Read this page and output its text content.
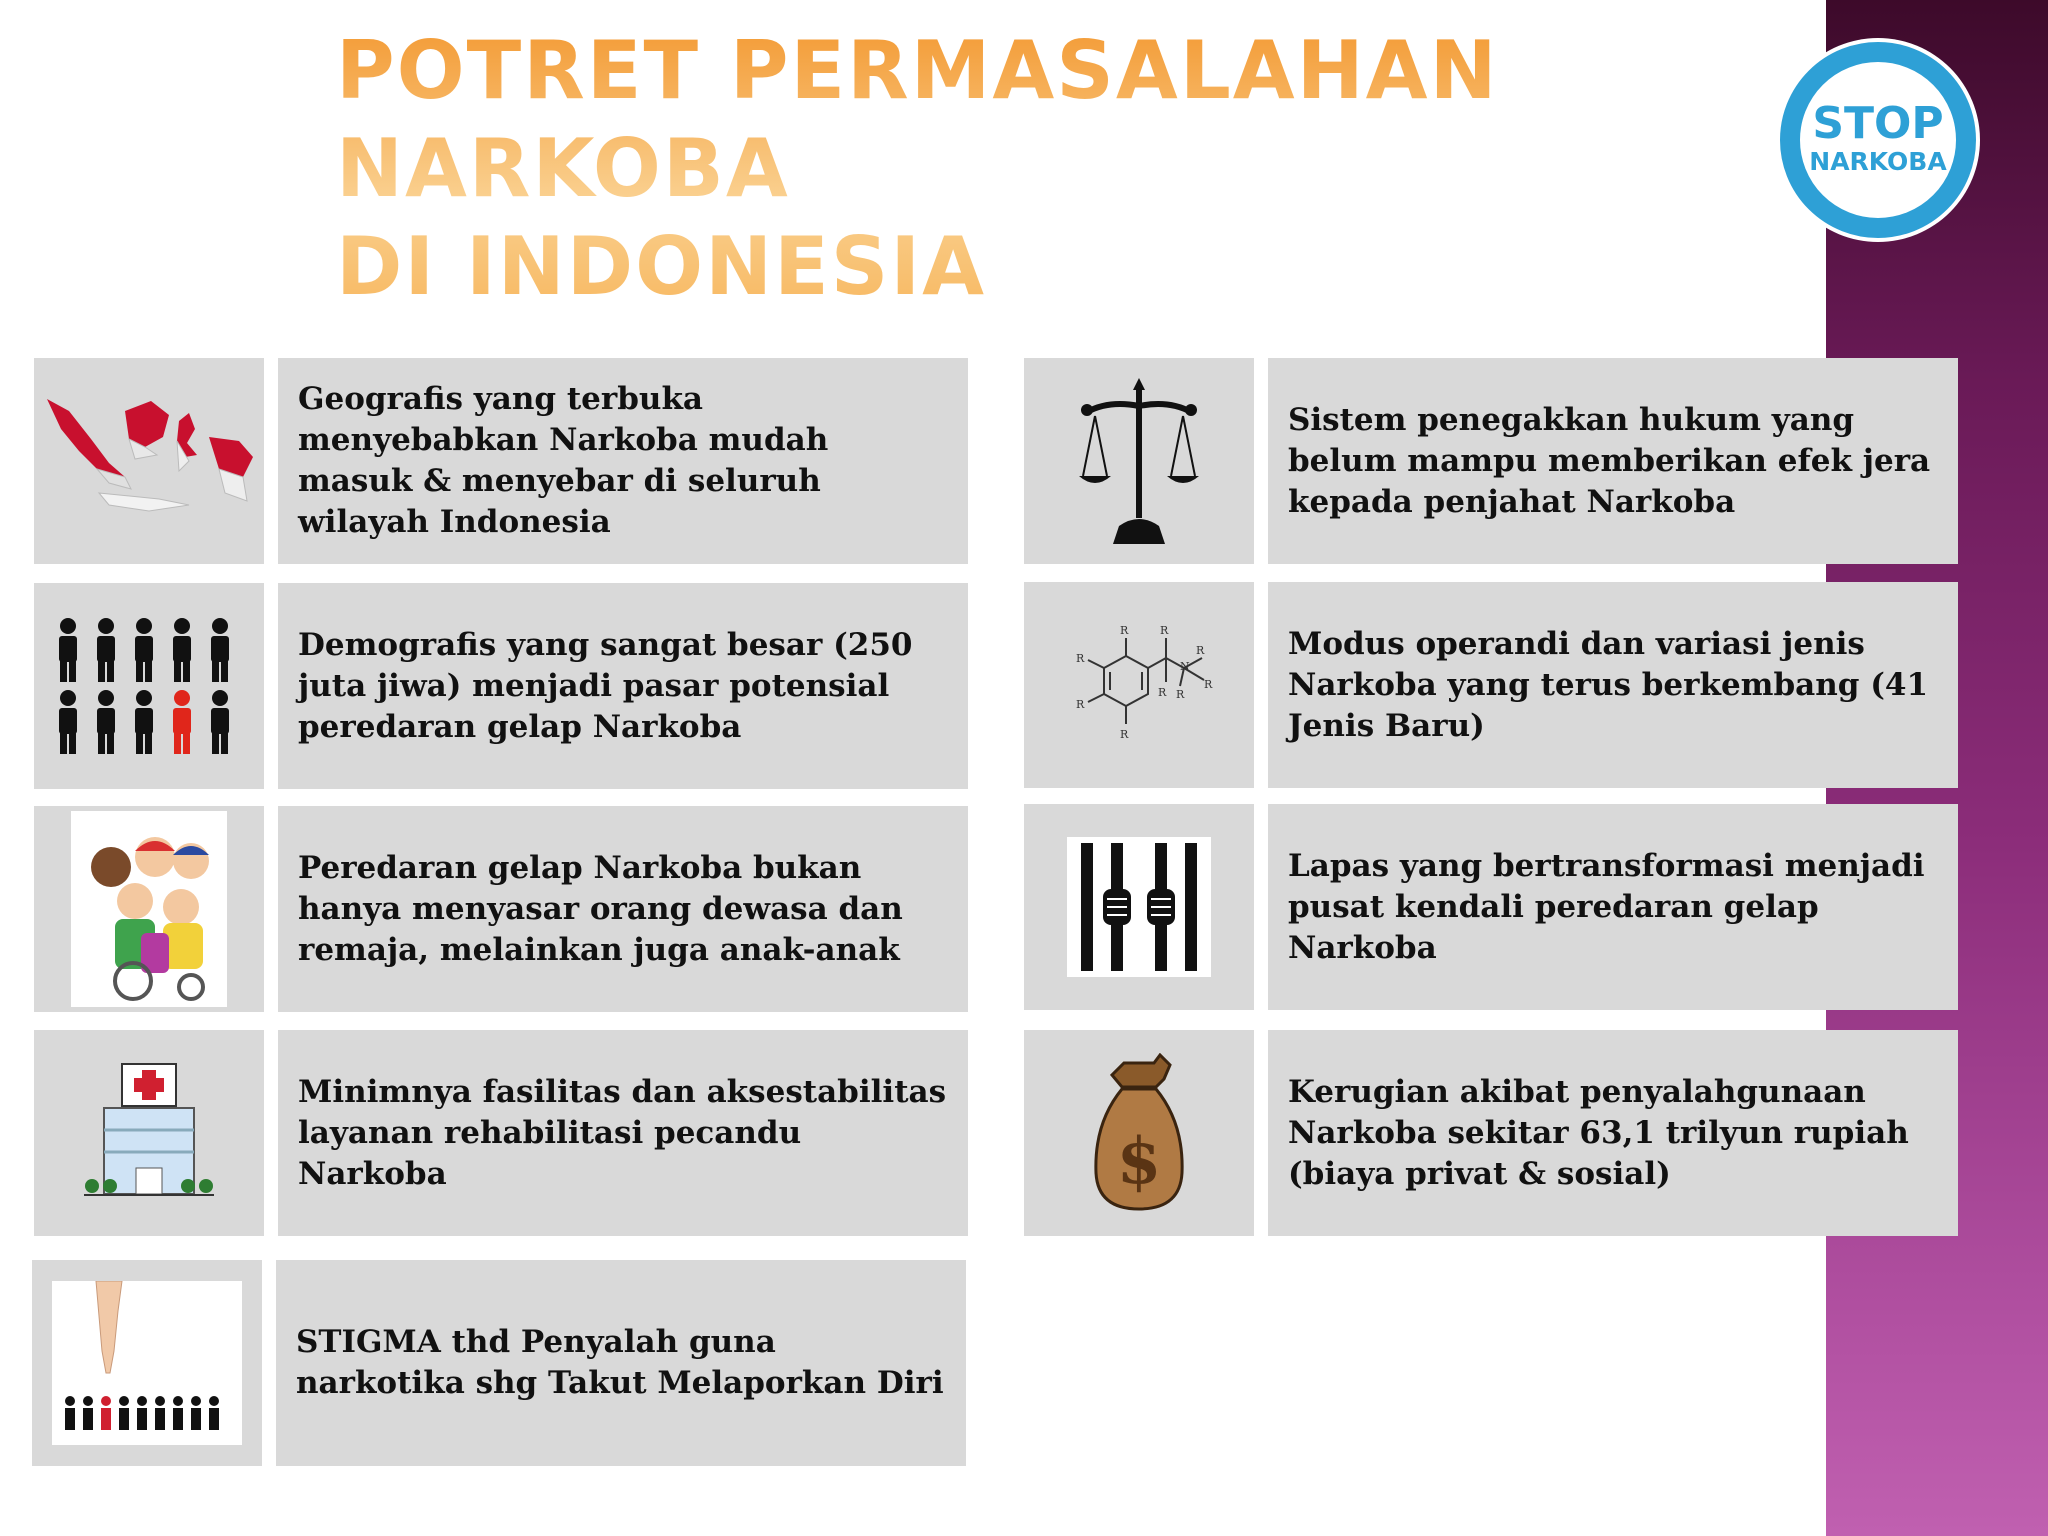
POTRET PERMASALAHAN
NARKOBA
DI INDONESIA
STOP
NARKOBA

Geografis yang terbuka menyebabkan Narkoba mudah masuk & menyebar di seluruh wilayah Indonesia

Demografis yang sangat besar (250 juta jiwa) menjadi pasar potensial peredaran gelap Narkoba

Peredaran gelap Narkoba bukan hanya menyasar orang dewasa dan remaja, melainkan juga anak-anak

Minimnya fasilitas dan aksestabilitas layanan rehabilitasi pecandu Narkoba

STIGMA thd Penyalah guna narkotika shg Takut Melaporkan Diri

Sistem penegakkan hukum yang belum mampu memberikan efek jera kepada penjahat Narkoba

R	R
R
R
R
R
R
R R
N

Modus operandi dan variasi jenis Narkoba yang terus berkembang (41 Jenis Baru)

Lapas yang bertransformasi menjadi pusat kendali peredaran gelap Narkoba

$

Kerugian akibat penyalahgunaan Narkoba sekitar 63,1 trilyun rupiah (biaya privat & sosial)
